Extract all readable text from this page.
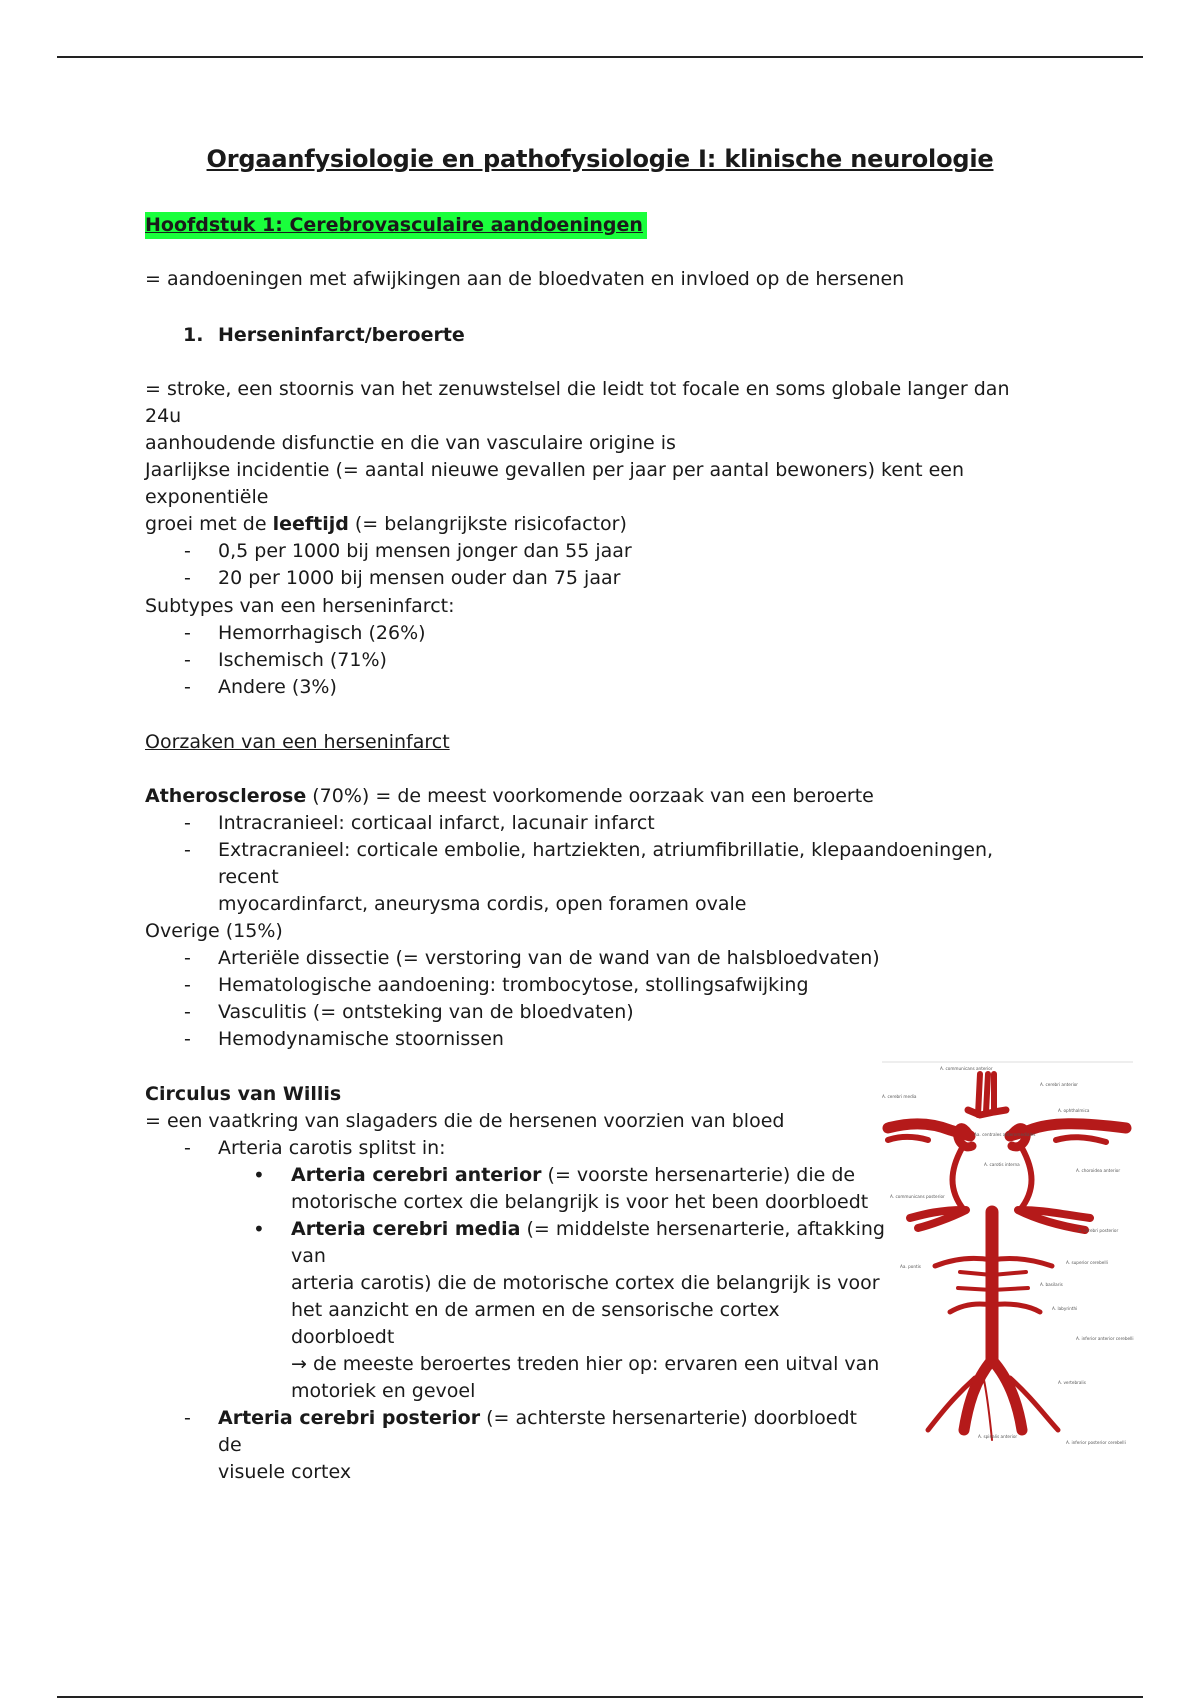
Orgaanfysiologie en pathofysiologie I: klinische neurologie
Hoofdstuk 1: Cerebrovasculaire aandoeningen
= aandoeningen met afwijkingen aan de bloedvaten en invloed op de hersenen
1. Herseninfarct/beroerte
= stroke, een stoornis van het zenuwstelsel die leidt tot focale en soms globale langer dan 24u
aanhoudende disfunctie en die van vasculaire origine is
Jaarlijkse incidentie (= aantal nieuwe gevallen per jaar per aantal bewoners) kent een exponentiële
groei met de leeftijd (= belangrijkste risicofactor)
- 0,5 per 1000 bij mensen jonger dan 55 jaar
- 20 per 1000 bij mensen ouder dan 75 jaar
Subtypes van een herseninfarct:
- Hemorrhagisch (26%)
- Ischemisch (71%)
- Andere (3%)
Oorzaken van een herseninfarct
Atherosclerose (70%) = de meest voorkomende oorzaak van een beroerte
- Intracranieel: corticaal infarct, lacunair infarct
- Extracranieel: corticale embolie, hartziekten, atriumfibrillatie, klepaandoeningen, recent
myocardinfarct, aneurysma cordis, open foramen ovale
Overige (15%)
- Arteriële dissectie (= verstoring van de wand van de halsbloedvaten)
- Hematologische aandoening: trombocytose, stollingsafwijking
- Vasculitis (= ontsteking van de bloedvaten)
- Hemodynamische stoornissen
Circulus van Willis
= een vaatkring van slagaders die de hersenen voorzien van bloed
- Arteria carotis splitst in:
• Arteria cerebri anterior (= voorste hersenarterie) die de
motorische cortex die belangrijk is voor het been doorbloedt
• Arteria cerebri media (= middelste hersenarterie, aftakking van
arteria carotis) die de motorische cortex die belangrijk is voor
het aanzicht en de armen en de sensorische cortex doorbloedt
→ de meeste beroertes treden hier op: ervaren een uitval van
motoriek en gevoel
- Arteria cerebri posterior (= achterste hersenarterie) doorbloedt de
visuele cortex
A. communicans anterior
A. cerebri media
A. cerebri anterior
A. ophthalmica
Aa. centrales anteromediales
A. carotis interna
A. choroidea anterior
A. communicans posterior
A. cerebri posterior
A. superior cerebelli
Aa. pontis
A. basilaris
A. labyrinthi
A. inferior anterior cerebelli
A. vertebralis
A. spinalis anterior
A. inferior posterior cerebelli
